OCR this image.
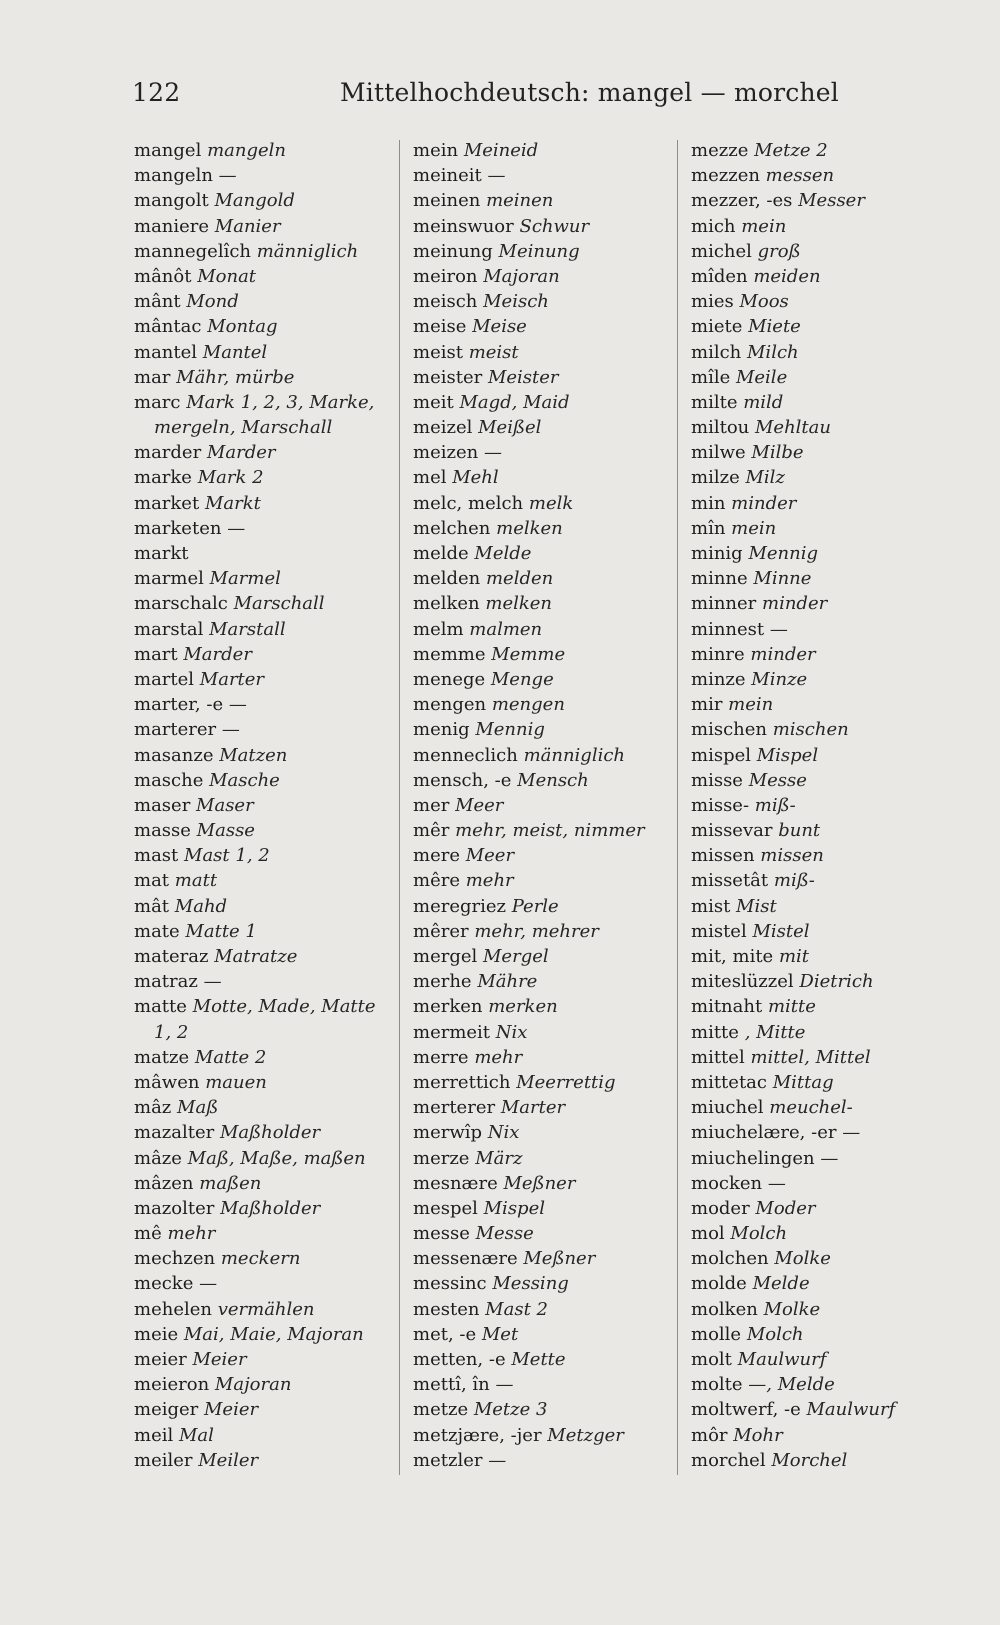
122	Mittelhochdeutsch: mangel — morchel
mangel mangeln
mangeln —
mangolt Mangold
maniere Manier
mannegelîch männiglich
mânôt Monat
mânt Mond
mântac Montag
mantel Mantel
mar Mähr, mürbe
marc Mark 1, 2, 3, Marke,
mergeln, Marschall
marder Marder
marke Mark 2
market Markt
marketen —
markt
marmel Marmel
marschalc Marschall
marstal Marstall
mart Marder
martel Marter
marter, -e —
marterer —
masanze Matzen
masche Masche
maser Maser
masse Masse
mast Mast 1, 2
mat matt
mât Mahd
mate Matte 1
materaz Matratze
matraz —
matte Motte, Made, Matte
1, 2
matze Matte 2
mâwen mauen
mâz Maß
mazalter Maßholder
mâze Maß, Maße, maßen
mâzen maßen
mazolter Maßholder
mê mehr
mechzen meckern
mecke —
mehelen vermählen
meie Mai, Maie, Majoran
meier Meier
meieron Majoran
meiger Meier
meil Mal
meiler Meiler
mein Meineid
meineit —
meinen meinen
meinswuor Schwur
meinung Meinung
meiron Majoran
meisch Meisch
meise Meise
meist meist
meister Meister
meit Magd, Maid
meizel Meißel
meizen —
mel Mehl
melc, melch melk
melchen melken
melde Melde
melden melden
melken melken
melm malmen
memme Memme
menege Menge
mengen mengen
menig Mennig
menneclich männiglich
mensch, -e Mensch
mer Meer
mêr mehr, meist, nimmer
mere Meer
mêre mehr
meregriez Perle
mêrer mehr, mehrer
mergel Mergel
merhe Mähre
merken merken
mermeit Nix
merre mehr
merrettich Meerrettig
merterer Marter
merwîp Nix
merze März
mesnære Meßner
mespel Mispel
messe Messe
messenære Meßner
messinc Messing
mesten Mast 2
met, -e Met
metten, -e Mette
mettî, în —
metze Metze 3
metzjære, -jer Metzger
metzler —
mezze Metze 2
mezzen messen
mezzer, -es Messer
mich mein
michel groß
mîden meiden
mies Moos
miete Miete
milch Milch
mîle Meile
milte mild
miltou Mehltau
milwe Milbe
milze Milz
min minder
mîn mein
minig Mennig
minne Minne
minner minder
minnest —
minre minder
minze Minze
mir mein
mischen mischen
mispel Mispel
misse Messe
misse- miß-
missevar bunt
missen missen
missetât miß-
mist Mist
mistel Mistel
mit, mite mit
miteslüzzel Dietrich
mitnaht mitte
mitte , Mitte
mittel mittel, Mittel
mittetac Mittag
miuchel meuchel-
miuchelære, -er —
miuchelingen —
mocken —
moder Moder
mol Molch
molchen Molke
molde Melde
molken Molke
molle Molch
molt Maulwurf
molte —, Melde
moltwerf, -e Maulwurf
môr Mohr
morchel Morchel
